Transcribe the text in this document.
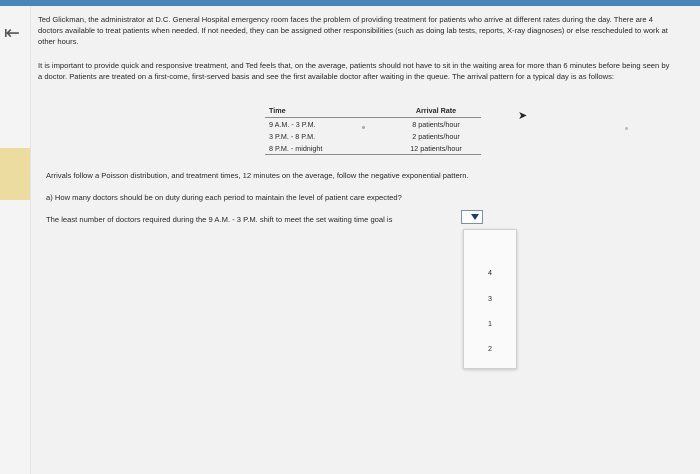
⇤

Ted Glickman, the administrator at D.C. General Hospital emergency room faces the problem of providing treatment for patients who arrive at different rates during the day. There are 4 doctors available to treat patients when needed. If not needed, they can be assigned other responsibilities (such as doing lab tests, reports, X-ray diagnoses) or else rescheduled to work at other hours.

It is important to provide quick and responsive treatment, and Ted feels that, on the average, patients should not have to sit in the waiting area for more than 6 minutes before being seen by a doctor. Patients are treated on a first-come, first-served basis and see the first available doctor after waiting in the queue. The arrival pattern for a typical day is as follows:

Time	Arrival Rate
9 A.M. - 3 P.M.	8 patients/hour
3 P.M. - 8 P.M.	2 patients/hour
8 P.M. - midnight	12 patients/hour

Arrivals follow a Poisson distribution, and treatment times, 12 minutes on the average, follow the negative exponential pattern.

a) How many doctors should be on duty during each period to maintain the level of patient care expected?

The least number of doctors required during the 9 A.M. - 3 P.M. shift to meet the set waiting time goal is

4
3
1
2
➤
